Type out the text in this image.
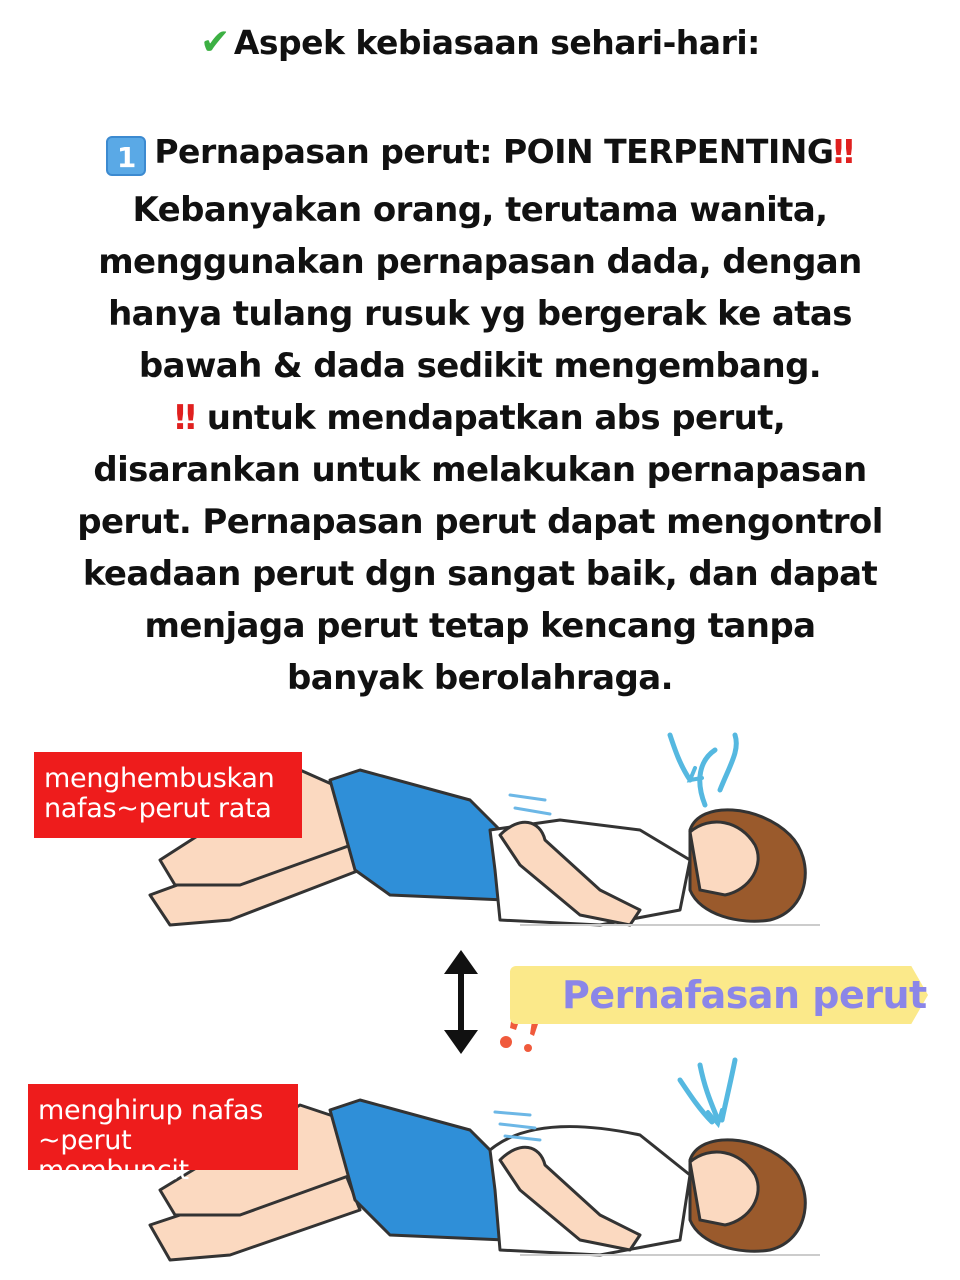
✔ Aspek kebiasaan sehari-hari:
1 Pernapasan perut: POIN TERPENTING‼
Kebanyakan orang, terutama wanita,
menggunakan pernapasan dada, dengan
hanya tulang rusuk yg bergerak ke atas
bawah & dada sedikit mengembang.
‼ untuk mendapatkan abs perut,
disarankan untuk melakukan pernapasan
perut. Pernapasan perut dapat mengontrol
keadaan perut dgn sangat baik, dan dapat
menjaga perut tetap kencang tanpa
banyak berolahraga.
menghembuskan
nafas~perut rata
menghirup nafas
~perut membuncit
Pernafasan perut
